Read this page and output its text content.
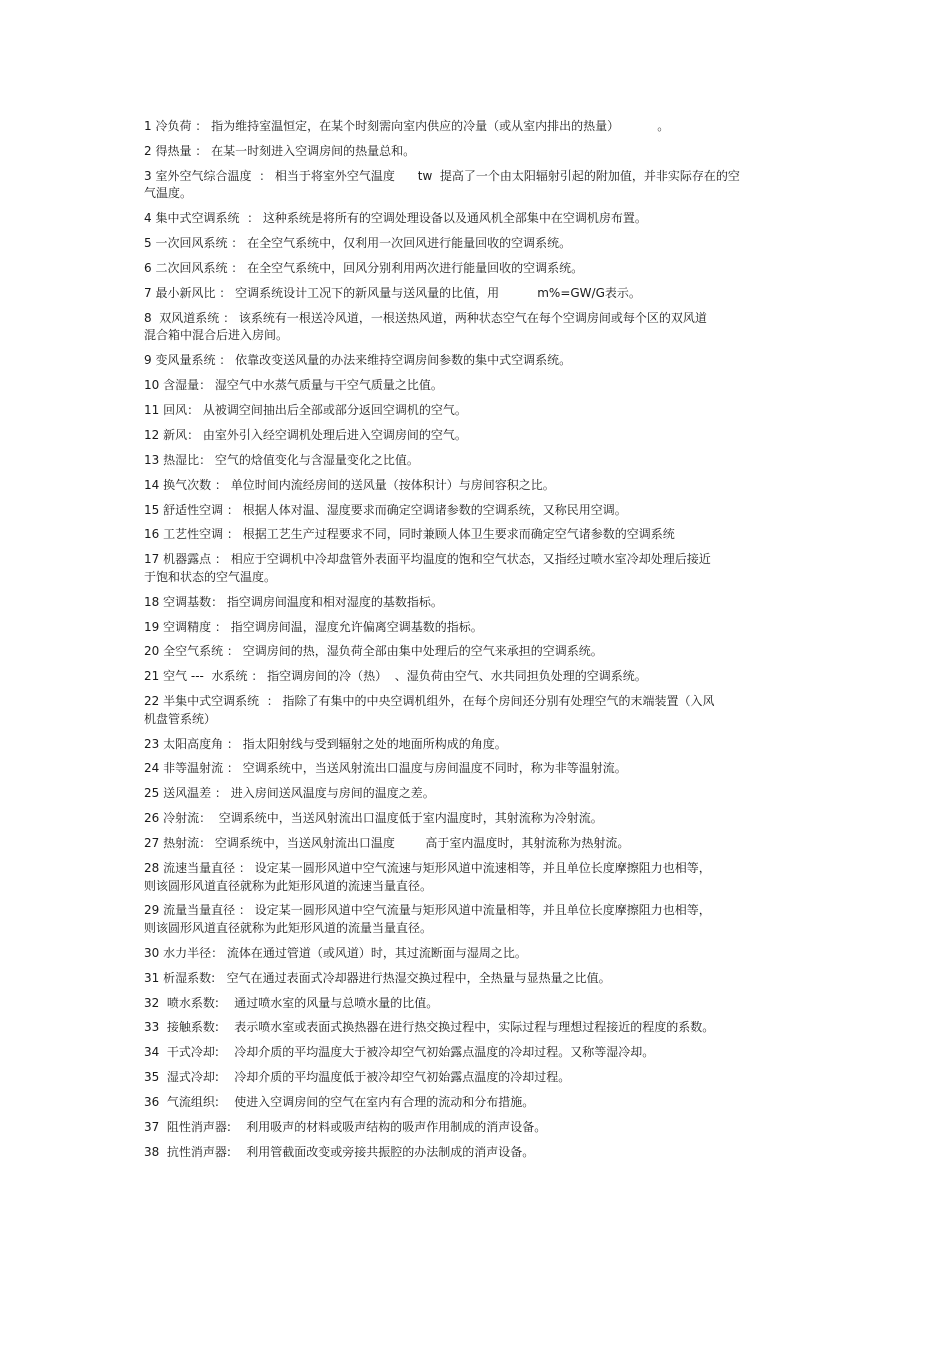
1 冷负荷 ： 指为维持室温恒定，在某个时刻需向室内供应的冷量（或从室内排出的热量）          。
2 得热量 ： 在某一时刻进入空调房间的热量总和。
3 室外空气综合温度  ： 相当于将室外空气温度      tw  提高了一个由太阳辐射引起的附加值，并非实际存在的空
气温度。
4 集中式空调系统  ： 这种系统是将所有的空调处理设备以及通风机全部集中在空调机房布置。
5 一次回风系统 ： 在全空气系统中，仅利用一次回风进行能量回收的空调系统。
6 二次回风系统 ： 在全空气系统中，回风分别利用两次进行能量回收的空调系统。
7 最小新风比 ： 空调系统设计工况下的新风量与送风量的比值，用          m%=GW/G表示。
8  双风道系统 ： 该系统有一根送冷风道，一根送热风道，两种状态空气在每个空调房间或每个区的双风道
混合箱中混合后进入房间。
9 变风量系统 ： 依靠改变送风量的办法来维持空调房间参数的集中式空调系统。
10 含湿量： 湿空气中水蒸气质量与干空气质量之比值。
11 回风： 从被调空间抽出后全部或部分返回空调机的空气。
12 新风： 由室外引入经空调机处理后进入空调房间的空气。
13 热湿比： 空气的焓值变化与含湿量变化之比值。
14 换气次数 ： 单位时间内流经房间的送风量（按体积计）与房间容积之比。
15 舒适性空调 ： 根据人体对温、湿度要求而确定空调诸参数的空调系统，又称民用空调。
16 工艺性空调 ： 根据工艺生产过程要求不同，同时兼顾人体卫生要求而确定空气诸参数的空调系统
17 机器露点 ： 相应于空调机中冷却盘管外表面平均温度的饱和空气状态，又指经过喷水室冷却处理后接近
于饱和状态的空气温度。
18 空调基数： 指空调房间温度和相对湿度的基数指标。
19 空调精度 ： 指空调房间温，湿度允许偏离空调基数的指标。
20 全空气系统 ： 空调房间的热，湿负荷全部由集中处理后的空气来承担的空调系统。
21 空气 ---  水系统 ： 指空调房间的冷（热）  、湿负荷由空气、水共同担负处理的空调系统。
22 半集中式空调系统  ： 指除了有集中的中央空调机组外，在每个房间还分别有处理空气的末端装置（入风
机盘管系统）
23 太阳高度角 ： 指太阳射线与受到辐射之处的地面所构成的角度。
24 非等温射流 ： 空调系统中，当送风射流出口温度与房间温度不同时，称为非等温射流。
25 送风温差 ： 进入房间送风温度与房间的温度之差。
26 冷射流：  空调系统中，当送风射流出口温度低于室内温度时，其射流称为冷射流。
27 热射流： 空调系统中，当送风射流出口温度        高于室内温度时，其射流称为热射流。
28 流速当量直径 ： 设定某一圆形风道中空气流速与矩形风道中流速相等，并且单位长度摩擦阻力也相等，
则该圆形风道直径就称为此矩形风道的流速当量直径。
29 流量当量直径 ： 设定某一圆形风道中空气流量与矩形风道中流量相等，并且单位长度摩擦阻力也相等，
则该圆形风道直径就称为此矩形风道的流量当量直径。
30 水力半径： 流体在通过管道（或风道）时，其过流断面与湿周之比。
31 析湿系数:   空气在通过表面式冷却器进行热湿交换过程中，全热量与显热量之比值。
32  喷水系数:    通过喷水室的风量与总喷水量的比值。
33  接触系数:    表示喷水室或表面式换热器在进行热交换过程中，实际过程与理想过程接近的程度的系数。
34  干式冷却:    冷却介质的平均温度大于被冷却空气初始露点温度的冷却过程。又称等湿冷却。
35  湿式冷却:    冷却介质的平均温度低于被冷却空气初始露点温度的冷却过程。
36  气流组织:    使进入空调房间的空气在室内有合理的流动和分布措施。
37  阻性消声器:    利用吸声的材料或吸声结构的吸声作用制成的消声设备。
38  抗性消声器:    利用管截面改变或旁接共振腔的办法制成的消声设备。
